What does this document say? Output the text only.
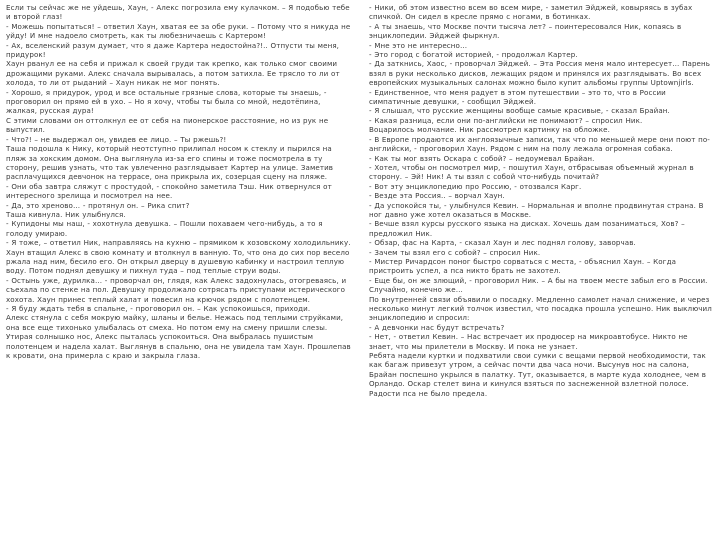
Если ты сейчас же не уйдешь, Хаун, - Алекс погрозила ему кулачком. – Я подобью тебе и второй глаз!

- Можешь попытаться! – ответил Хаун, хватая ее за обе руки. – Потому что я никуда не уйду! И мне надоело смотреть, как ты любезничаешь с Картером!

- Ах, вселенский разум думает, что я даже Картера недостойна?!.. Отпусти ты меня, придурок!

Хаун рванул ее на себя и прижал к своей груди так крепко, как только смог своими дрожащими руками. Алекс сначала вырывалась, а потом затихла. Ее трясло то ли от холода, то ли от рыданий – Хаун никак не мог понять.

- Хорошо, я придурок, урод и все остальные грязные слова, которые ты знаешь, - проговорил он прямо ей в ухо. – Но я хочу, чтобы ты была со мной, недотёпина, жалкая, русская дура!

С этими словами он оттолкнул ее от себя на пионерское расстояние, но из рук не выпустил.

- Что?! – не выдержал он, увидев ее лицо. – Ты ржешь?!

Таша подошла к Нику, который неотступно прилипал носом к стеклу и пырился на пляж за хокским домом. Она выглянула из-за его спины и тоже посмотрела в ту сторону, решив узнать, что так увлеченно разглядывает Картер на улице. Заметив расплачущихся девчонок на террасе, она прикрыла их, созерцая сцену на пляже.

- Они оба завтра сляжут с простудой, - спокойно заметила Тэш. Ник отвернулся от интересного зрелища и посмотрел на нее.

- Да, это хреново… - протянул он. – Рика спит?

Таша кивнула. Ник улыбнулся.

- Купидоны мы наш, - хохотнула девушка. – Пошли похаваем чего-нибудь, а то я голоду умираю.

- Я тоже, – ответил Ник, направляясь на кухню – прямиком к хозовскому холодильнику.

Хаун втащил Алекс в свою комнату и втолкнул в ванную. То, что она до сих пор весело ржала над ним, бесило его. Он открыл дверцу в душевую кабинку и настроил теплую воду. Потом поднял девушку и пихнул туда – под теплые струи воды.

- Остынь уже, дурилка… - проворчал он, глядя, как Алекс задохнулась, отогреваясь, и съехала по стенке на пол. Девушку продолжало сотрясать приступами истерического хохота. Хаун принес теплый халат и повесил на крючок рядом с полотенцем.

- Я буду ждать тебя в спальне, - проговорил он. – Как успокоишься, приходи.

Алекс стянула с себя мокрую майку, шланы и белье. Нежась под теплыми струйками, она все еще тихонько улыбалась от смеха. Но потом ему на смену пришли слезы. Утирая солнышко нос, Алекс пыталась успокоиться. Она выбралась пушистым полотенцем и надела халат. Выглянув в спальню, она не увидела там Хаун. Прошлепав к кровати, она примерла с краю и закрыла глаза.

- Ники, об этом известно всем во всем мире, - заметил Эйджей, ковыряясь в зубах спичкой. Он сидел в кресле прямо с ногами, в ботинках.

- А ты знаешь, что Москве почти тысяча лет? – поинтересовался Ник, копаясь в энциклопедии. Эйджей фыркнул.

- Мне это не интересно…

- Это город с богатой историей, - продолжал Картер.

- Да заткнись, Хаос, - проворчал Эйджей. – Эта Россия меня мало интересует… Парень взял в руки несколько дисков, лежащих рядом и принялся их разглядывать. Во всех европейских музыкальных салонах можно было купит альбомы группы Uptownjirls.

- Единственное, что меня радует в этом путешествии – это то, что в России симпатичные девушки, - сообщил Эйджей.

- Я слышал, что русские женщины вообще самые красивые, - сказал Брайан.

- Какая разница, если они по-английски не понимают? – спросил Ник.

Воцарилось молчание. Ник рассмотрел картинку на обложке.

- В Европе продаются их англоязычные записи, так что по меньшей мере они поют по-английски, - проговорил Хаун. Рядом с ним на полу лежала огромная собака.

- Как ты мог взять Оскара с собой? – недоумевал Брайан.

- Хотел, чтобы он посмотрел мир, - пошутил Хаун, отбрасывая объемный журнал в сторону. – Эй! Ник! А ты взял с собой что-нибудь почитай?

- Вот эту энциклопедию про Россию, - отозвался Карг.

- Везде эта Россия.. – ворчал Хаун.

- Да успокойся ты, - улыбнулся Кевин. – Нормальная и вполне продвинутая страна. В ног давно уже хотел оказаться в Москве.

- Вечше взял курсы русского языка на дисках. Хочешь дам позаниматься, Хов? – предложил Ник.

- Обзар, фас на Карта, - сказал Хаун и лес поднял голову, заворчав.

- Зачем ты взял его с собой? – спросил Ник.

- Мистер Ричардсон поног быстро сорваться с места, - объяснил Хаун. – Когда пристроить успел, а пса никто брать не захотел.

- Еще бы, он же злющий, - проговорил Ник. – А бы на твоем месте забыл его в России. Случайно, конечно же…

По внутренней связи объявили о посадку. Медленно самолет начал снижение, и через несколько минут легкий толчок известил, что посадка прошла успешно. Ник выключил энциклопедию и спросил:

- А девчонки нас будут встречать?

- Нет, - ответил Кевин. – Нас встречает их продюсер на микроавтобусе. Никто не знает, что мы прилетели в Москву. И пока не узнает.

Ребята надели куртки и подхватили свои сумки с вещами первой необходимости, так как багаж привезут утром, а сейчас почти два часа ночи. Высунув нос на салона, Брайан поспешно укрылся в палатку. Тут, оказывается, в марте куда холоднее, чем в Орландо. Оскар стелет вина и кинулся взяться по заснеженной взлетной полосе. Радости пса не было предела.
